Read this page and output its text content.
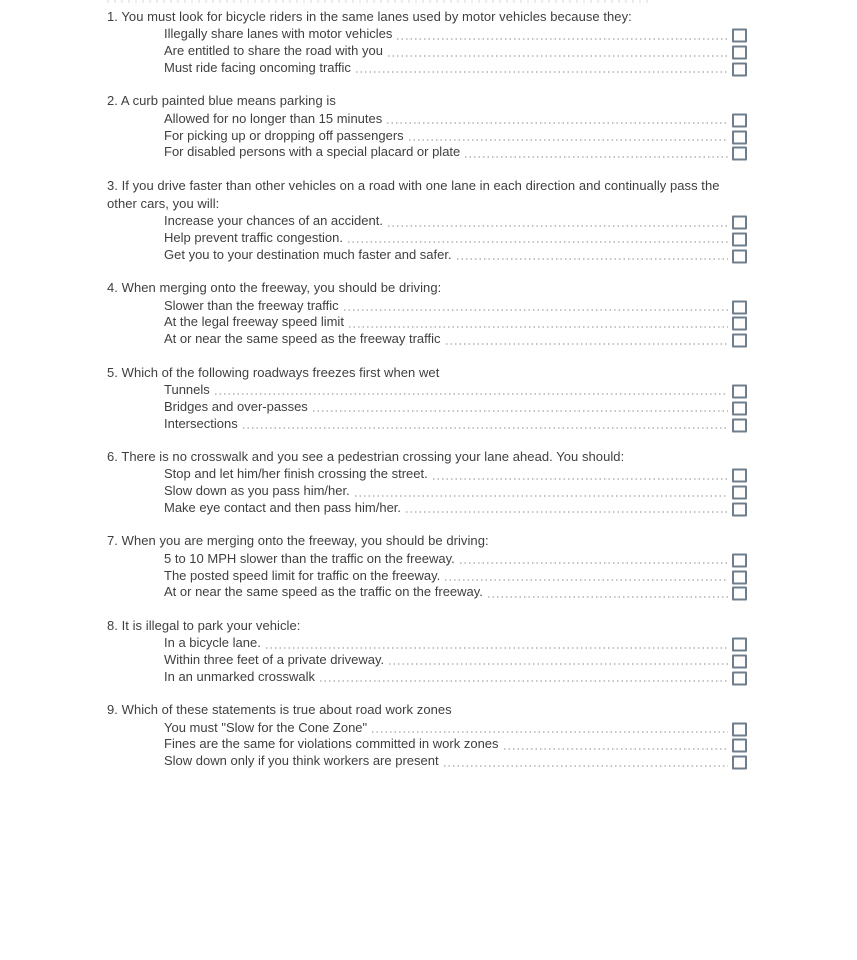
1. You must look for bicycle riders in the same lanes used by motor vehicles because they:
Illegally share lanes with motor vehicles
Are entitled to share the road with you
Must ride facing oncoming traffic
2. A curb painted blue means parking is
Allowed for no longer than 15 minutes
For picking up or dropping off passengers
For disabled persons with a special placard or plate
3. If you drive faster than other vehicles on a road with one lane in each direction and continually pass the other cars, you will:
Increase your chances of an accident.
Help prevent traffic congestion.
Get you to your destination much faster and safer.
4. When merging onto the freeway, you should be driving:
Slower than the freeway traffic
At the legal freeway speed limit
At or near the same speed as the freeway traffic
5. Which of the following roadways freezes first when wet
Tunnels
Bridges and over-passes
Intersections
6. There is no crosswalk and you see a pedestrian crossing your lane ahead. You should:
Stop and let him/her finish crossing the street.
Slow down as you pass him/her.
Make eye contact and then pass him/her.
7. When you are merging onto the freeway, you should be driving:
5 to 10 MPH slower than the traffic on the freeway.
The posted speed limit for traffic on the freeway.
At or near the same speed as the traffic on the freeway.
8. It is illegal to park your vehicle:
In a bicycle lane.
Within three feet of a private driveway.
In an unmarked crosswalk
9. Which of these statements is true about road work zones
You must "Slow for the Cone Zone"
Fines are the same for violations committed in work zones
Slow down only if you think workers are present
